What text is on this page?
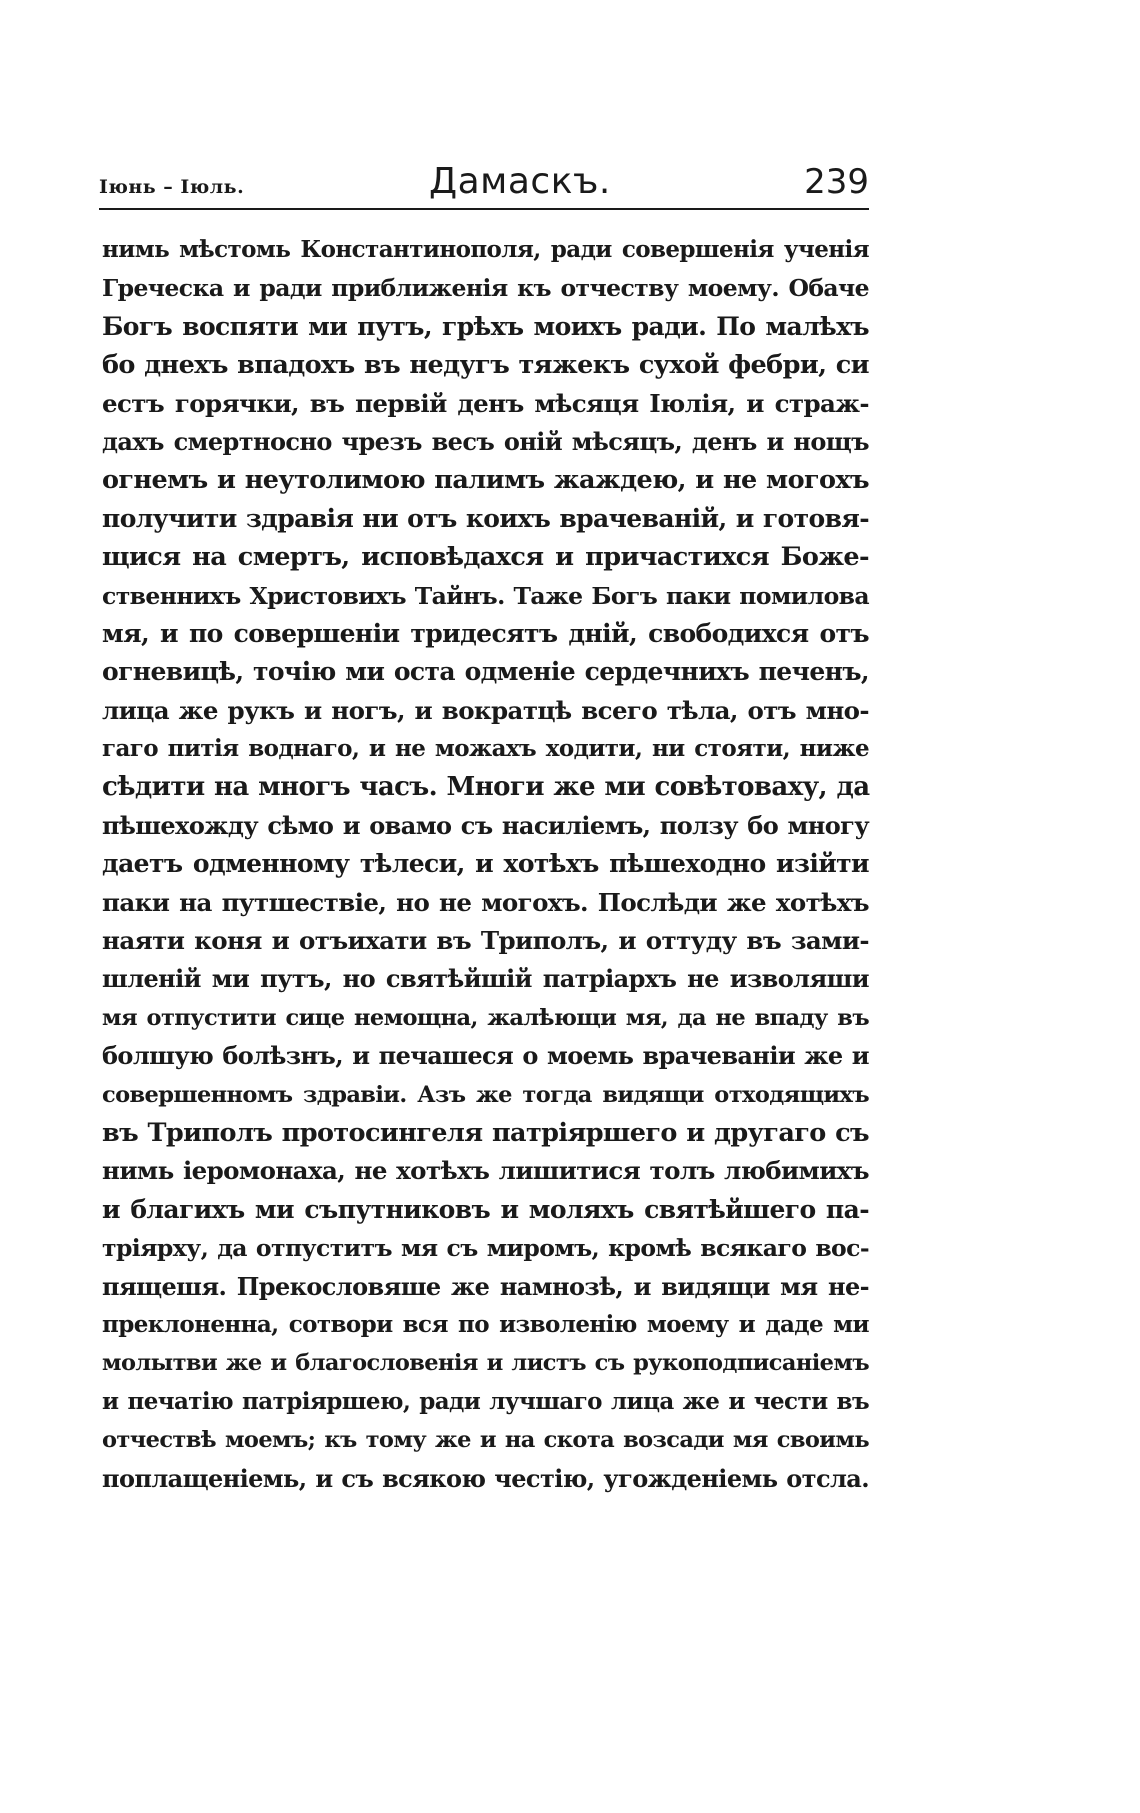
Іюнь – Іюль.	Дамаскъ.	239
нимь мѣстомь Константинополя, ради совершенія ученія
Греческа и ради приближенія къ отчеству моему. Обаче
Богъ воспяти ми путъ, грѣхъ моихъ ради. По малѣхъ
бо днехъ впадохъ въ недугъ тяжекъ сухой фебри, си
естъ горячки, въ первій денъ мѣсяця Іюлія, и страж-
дахъ смертносно чрезъ весъ оній мѣсяцъ, денъ и нощъ
огнемъ и неутолимою палимъ жаждею, и не могохъ
получити здравія ни отъ коихъ врачеваній, и готовя-
щися на смертъ, исповѣдахся и причастихся Боже-
ственнихъ Христовихъ Тайнъ. Таже Богъ паки помилова
мя, и по совершеніи тридесятъ дній, свободихся отъ
огневицѣ, точію ми оста одменіе сердечнихъ печенъ,
лица же рукъ и ногъ, и вократцѣ всего тѣла, отъ мно-
гаго питія воднаго, и не можахъ ходити, ни стояти, ниже
сѣдити на многъ часъ. Многи же ми совѣтоваху, да
пѣшехожду сѣмо и овамо съ насиліемъ, ползу бо многу
даетъ одменному тѣлеси, и хотѣхъ пѣшеходно изійти
паки на путшествіе, но не могохъ. Послѣди же хотѣхъ
наяти коня и отъихати въ Триполъ, и оттуду въ зами-
шленій ми путъ, но святѣйшій патріархъ не изволяши
мя отпустити сице немощна, жалѣющи мя, да не впаду въ
болшую болѣзнъ, и печашеся о моемь врачеваніи же и
совершенномъ здравіи. Азъ же тогда видящи отходящихъ
въ Триполъ протосингеля патріяршего и другаго съ
нимь іеромонаха, не хотѣхъ лишитися толъ любимихъ
и благихъ ми съпутниковъ и моляхъ святѣйшего па-
тріярху, да отпуститъ мя съ миромъ, кромѣ всякаго вос-
пящешя. Прекословяше же намнозѣ, и видящи мя не-
преклоненна, сотвори вся по изволенію моему и даде ми
молытви же и благословенія и листъ съ рукоподписаніемъ
и печатію патріяршею, ради лучшаго лица же и чести въ
отчествѣ моемъ; къ тому же и на скота возсади мя своимь
поплащеніемь, и съ всякою честію, угожденіемь отсла.
